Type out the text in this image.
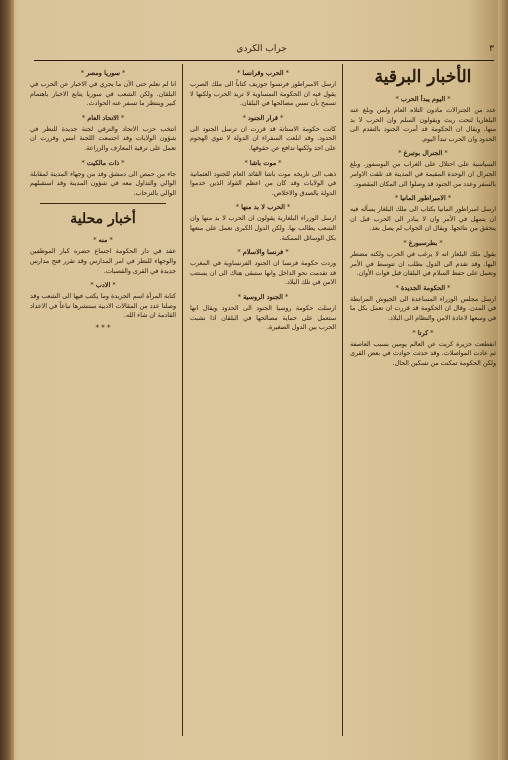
٣
جراب الكردي
الأخبار البرقية
* اليوم يبدأ الحرب *
عدد من الجنرالات مادون التلاه العام ولمن وبلغ عنه البلغاريا لتحت ريث ويقولون السلم وان الحرب لا بد منها. ويقال ان الحكومة قد أمرت الجنود بالتقدم الى الحدود وان الحرب تبدأ اليوم.
* الجنرال بوتبرغ *
السياسية على احتلال على الغراب من البوسفور. وبلغ الجنرال ان الوحدة المقيمة في المدينة قد تلقت الاوامر بالسفر وعدد من الجنود قد وصلوا الى المكان المقصود.
* الامبراطور المانيا *
ارسل امبراطور المانيا بكتاب الى ملك البلغار يسأله فيه ان يتمهل في الأمر وان لا يبادر الى الحرب قبل ان يتحقق من نتائجها. ويقال ان الجواب لم يصل بعد.
* بطرسبورغ *
يقول ملك البلغار انه لا يرغب في الحرب ولكنه مضطر اليها. وقد تقدم الى الدول بطلب ان تتوسط في الأمر وتعمل على حفظ السلام في البلقان قبل فوات الأوان.
* الحكومة الجديدة *
ارسل مجلس الوزراء المساعدة الى الجيوش المرابطة في المدن. وقال ان الحكومة قد قررت ان تعمل بكل ما في وسعها لاعادة الامن والنظام الى البلاد.
* كرتا *
انقطعت جزيرة كريت عن العالم يومين بسبب العاصفة ثم عادت المواصلات. وقد حدثت حوادث في بعض القرى ولكن الحكومة تمكنت من تسكين الحال.
* الحرب وقرانسا *
ارسل الامبراطور فرنسوا جوزيف كتاباً الى ملك الصرب يقول فيه ان الحكومة النمساوية لا تريد الحرب ولكنها لا تسمح بأن تمس مصالحها في البلقان.
* قرار الجنود *
كانت حكومة الاستانة قد قررت ان ترسل الجنود الى الحدود. وقد ابلغت السفراء ان الدولة لا تنوي الهجوم على احد ولكنها تدافع عن حقوقها.
* موت باشا *
ذهب الى تاريخه موت باشا القائد العام للجنود العثمانية في الولايات وقد كان من اعظم القواد الذين خدموا الدولة بالصدق والاخلاص.
* الحرب لا بد منها *
ارسل الوزراء البلغارية يقولون ان الحرب لا بد منها وان الشعب يطالب بها. ولكن الدول الكبرى تعمل على منعها بكل الوسائل الممكنة.
* فرنسا والاسلام *
وردت حكومة فرنسا ان الجنود الفرنساوية في المغرب قد تقدمت نحو الداخل وانها ستبقى هناك الى ان يستتب الامن في تلك البلاد.
* الجنود الروسية *
ارسلت حكومة روسيا الجنود الى الحدود ويقال انها ستعمل على حماية مصالحها في البلقان اذا نشبت الحرب بين الدول الصغيرة.
* سوريا ومصر *
انا لم نعلم حتى الآن ما يجري في الاخبار عن الحرب في البلقان. ولكن الشعب في سوريا يتابع الاخبار باهتمام كبير وينتظر ما تسفر عنه الحوادث.
* الاتحاد العام *
انتخب حزب الاتحاد والترقي لجنة جديدة للنظر في شؤون الولايات وقد اجتمعت اللجنة امس وقررت ان تعمل على ترقية المعارف والزراعة.
* ذات مالكيت *
جاء من حمص الى دمشق وفد من وجهاء المدينة لمقابلة الوالي والتداول معه في شؤون المدينة وقد استقبلهم الوالي بالترحاب.
أخبار محلية
* منه *
عقد في دار الحكومة اجتماع حضره كبار الموظفين والوجهاء للنظر في امر المدارس وقد تقرر فتح مدارس جديدة في القرى والقصبات.
* الادب *
كتابة المرأة اسم الجريدة وما يكتب فيها الى الشعب وقد وصلنا عدد من المقالات الادبية سننشرها تباعاً في الاعداد القادمة ان شاء الله.
* * *
